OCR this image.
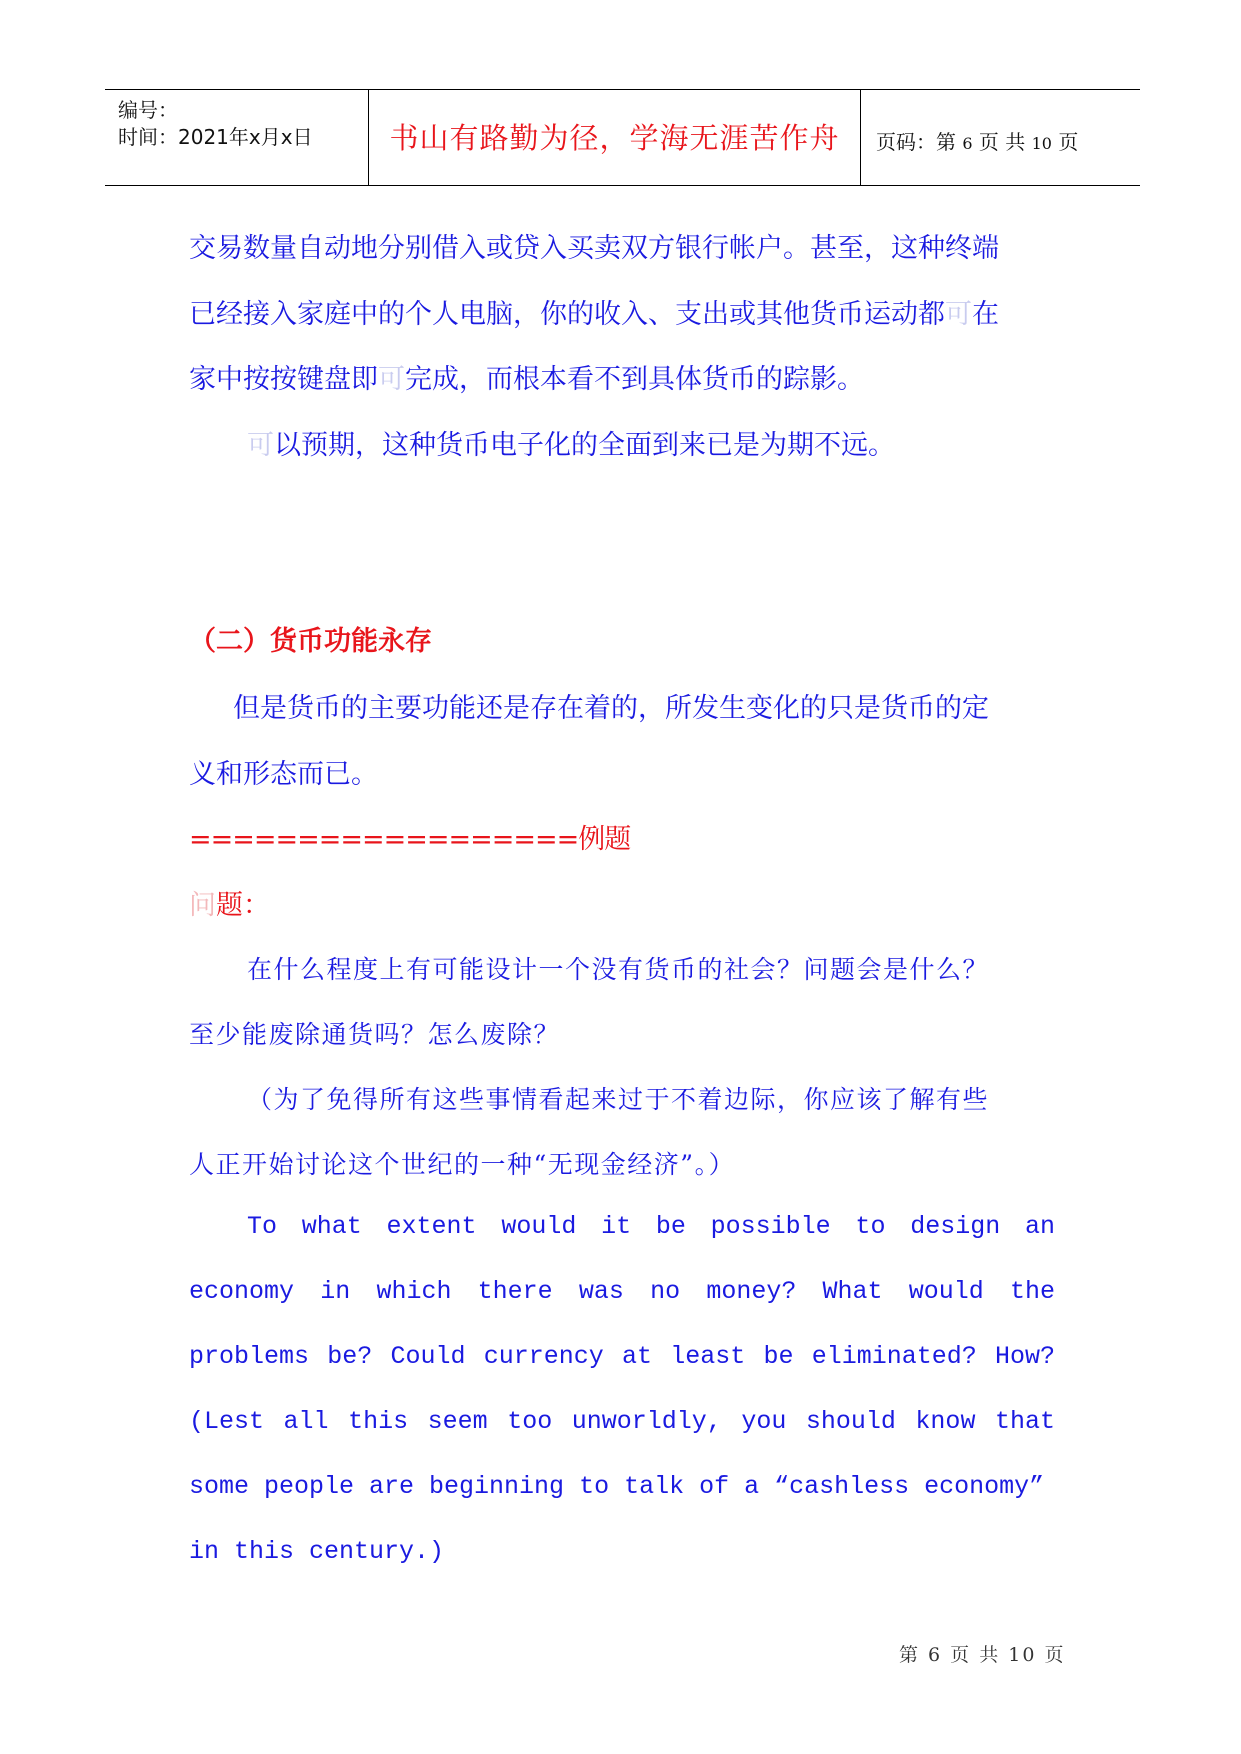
编号：
时间：2021年x月x日	书山有路勤为径，学海无涯苦作舟	页码：第 6 页 共 10 页
交易数量自动地分别借入或贷入买卖双方银行帐户。甚至，这种终端
已经接入家庭中的个人电脑，你的收入、支出或其他货币运动都可在
家中按按键盘即可完成，而根本看不到具体货币的踪影。
可以预期，这种货币电子化的全面到来已是为期不远。
（二）货币功能永存
但是货币的主要功能还是存在着的，所发生变化的只是货币的定
义和形态而已。
==================例题
问题：
在什么程度上有可能设计一个没有货币的社会？问题会是什么？
至少能废除通货吗？怎么废除？
（为了免得所有这些事情看起来过于不着边际，你应该了解有些
人正开始讨论这个世纪的一种“无现金经济”。）
To what extent would it be possible to design an
economy in which there was no money? What would the
problems be? Could currency at least be eliminated? How?
(Lest all this seem too unworldly, you should know that
some people are beginning to talk of a “cashless economy”
in this century.)
第 6 页 共 10 页
